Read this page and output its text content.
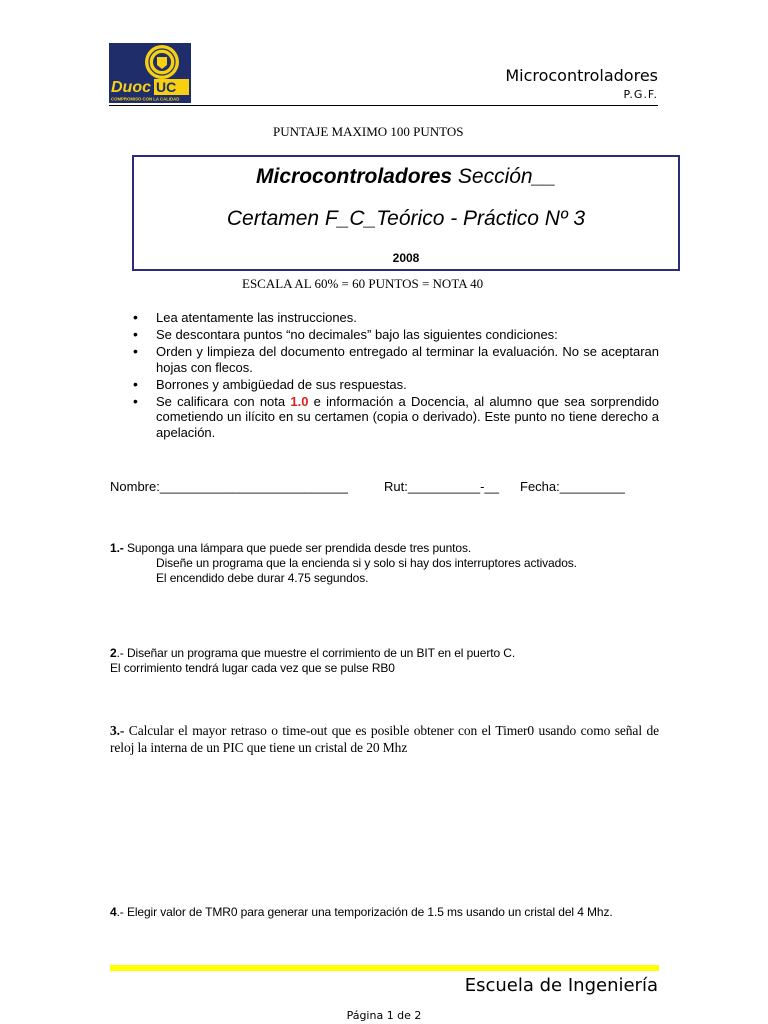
Duoc UC
COMPROMISO CON LA CALIDAD
Microcontroladores
P.G.F.
PUNTAJE MAXIMO 100 PUNTOS
Microcontroladores Sección__
Certamen F_C_Teórico - Práctico Nº 3
2008
ESCALA AL 60% = 60 PUNTOS = NOTA 40
• Lea atentamente las instrucciones.
• Se descontara puntos “no decimales” bajo las siguientes condiciones:
• Orden y limpieza del documento entregado al terminar la evaluación. No se aceptaran hojas con flecos.
• Borrones y ambigüedad de sus respuestas.
• Se calificara con nota 1.0 e información a Docencia, al alumno que sea sorprendido cometiendo un ilícito en su certamen (copia o derivado). Este punto no tiene derecho a apelación.
Nombre:__________________________	Rut:__________-__ Fecha:_________
1.- Suponga una lámpara que puede ser prendida desde tres puntos.
Diseñe un programa que la encienda si y solo si hay dos interruptores activados.
El encendido debe durar 4.75 segundos.
2.- Diseñar un programa que muestre el corrimiento de un BIT en el puerto C.
El corrimiento tendrá lugar cada vez que se pulse RB0
3.- Calcular el mayor retraso o time-out que es posible obtener con el Timer0 usando como señal de reloj la interna de un PIC que tiene un cristal de 20 Mhz
4.- Elegir valor de TMR0 para generar una temporización de 1.5 ms usando un cristal del 4 Mhz.
Escuela de Ingeniería
Página 1 de 2
